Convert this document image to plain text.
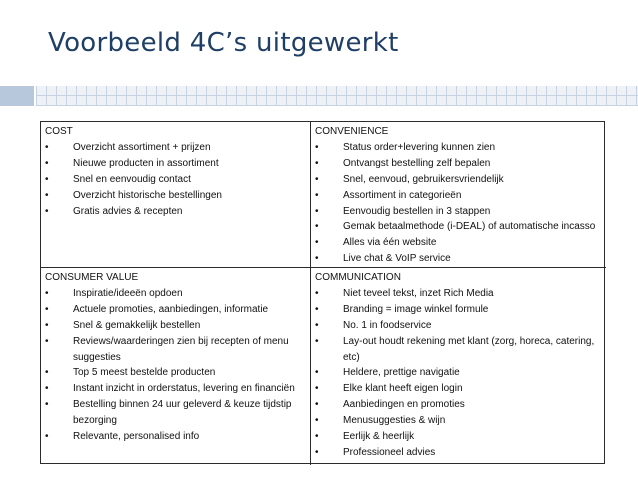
Voorbeeld 4C’s uitgewerkt
COST
• Overzicht assortiment + prijzen
• Nieuwe producten in assortiment
• Snel en eenvoudig contact
• Overzicht historische bestellingen
• Gratis advies & recepten
CONVENIENCE
• Status order+levering kunnen zien
• Ontvangst bestelling zelf bepalen
• Snel, eenvoud, gebruikersvriendelijk
• Assortiment in categorieën
• Eenvoudig bestellen in 3 stappen
• Gemak betaalmethode (i-DEAL) of automatische incasso
• Alles via één website
• Live chat & VoIP service
CONSUMER VALUE
• Inspiratie/ideeën opdoen
• Actuele promoties, aanbiedingen, informatie
• Snel & gemakkelijk bestellen
• Reviews/waarderingen zien bij recepten of menu suggesties
• Top 5 meest bestelde producten
• Instant inzicht in orderstatus, levering en financiën
• Bestelling binnen 24 uur geleverd & keuze tijdstip bezorging
• Relevante, personalised info
COMMUNICATION
• Niet teveel tekst, inzet Rich Media
• Branding = image winkel formule
• No. 1 in foodservice
• Lay-out houdt rekening met klant (zorg, horeca, catering, etc)
• Heldere, prettige navigatie
• Elke klant heeft eigen login
• Aanbiedingen en promoties
• Menusuggesties & wijn
• Eerlijk & heerlijk
• Professioneel advies
